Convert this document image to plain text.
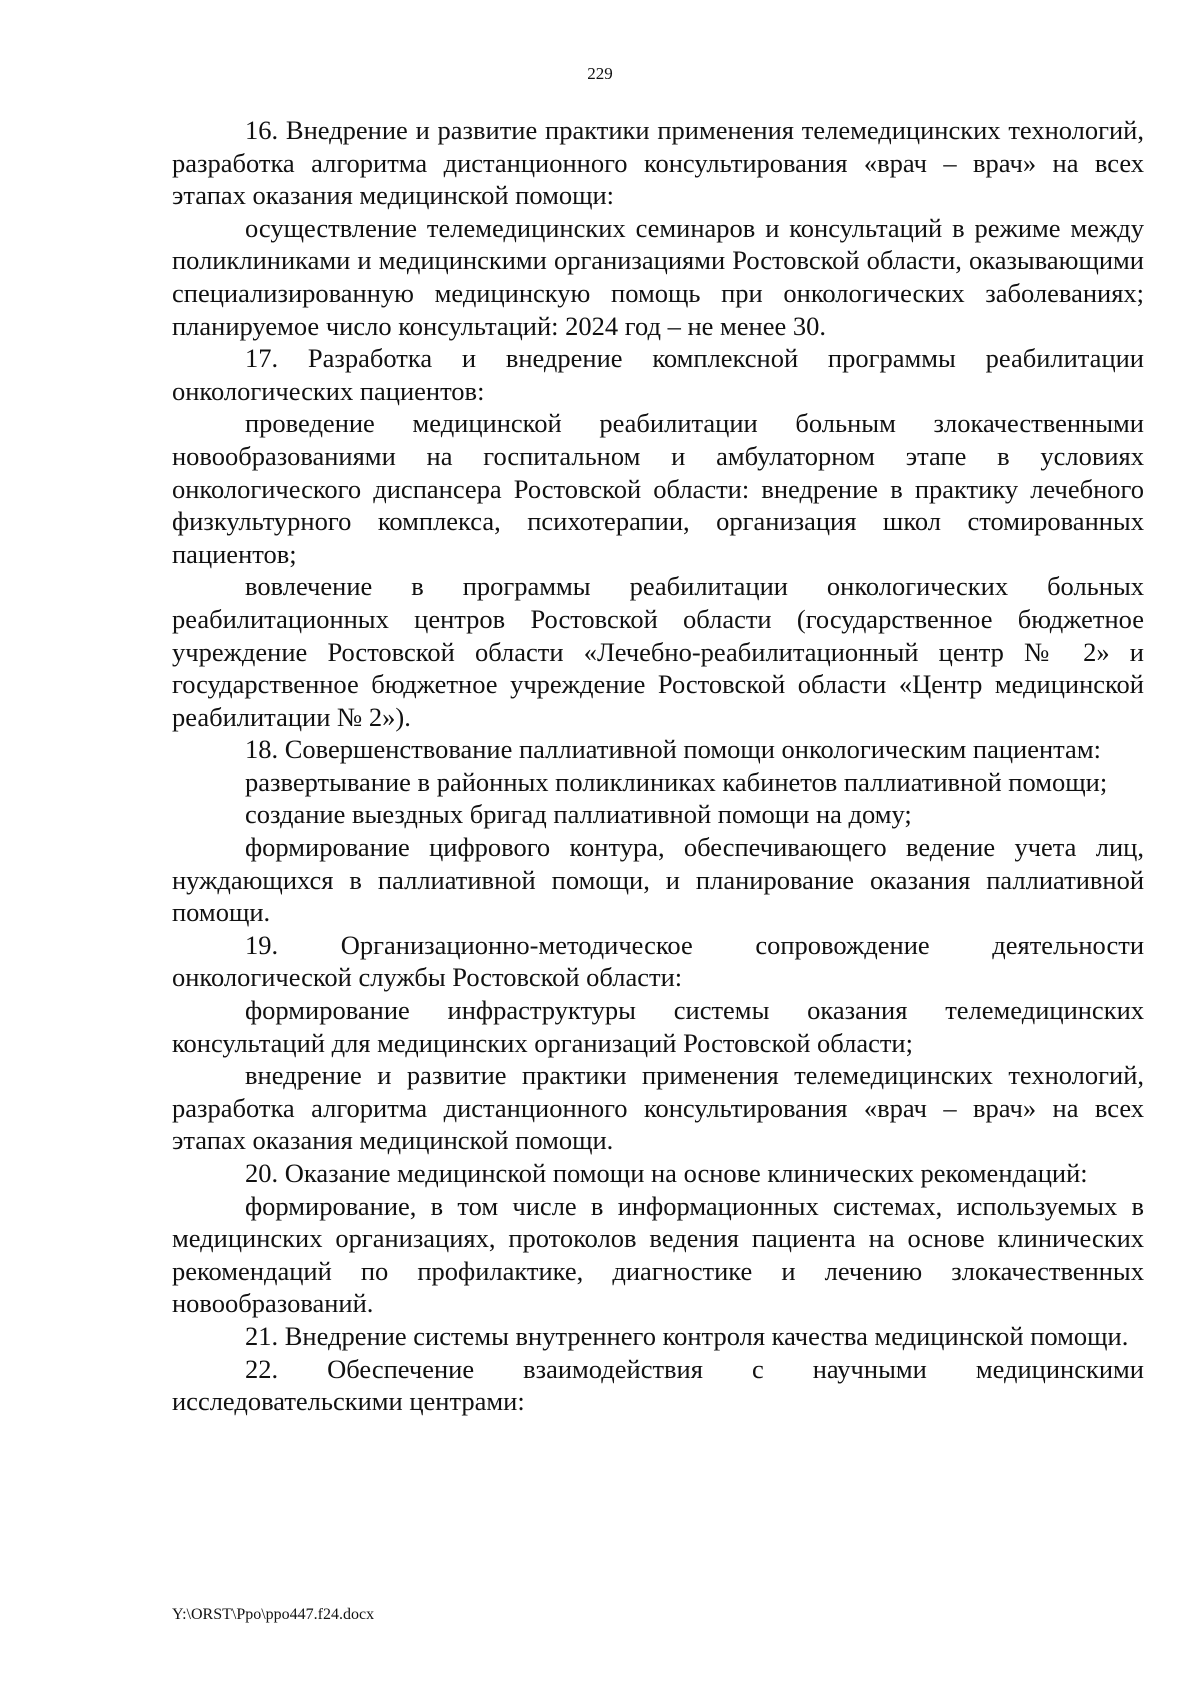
229

16. Внедрение и развитие практики применения телемедицинских технологий, разработка алгоритма дистанционного консультирования «врач – врач» на всех этапах оказания медицинской помощи:

осуществление телемедицинских семинаров и консультаций в режиме между поликлиниками и медицинскими организациями Ростовской области, оказывающими специализированную медицинскую помощь при онкологических заболеваниях; планируемое число консультаций: 2024 год – не менее 30.

17. Разработка и внедрение комплексной программы реабилитации онкологических пациентов:

проведение медицинской реабилитации больным злокачественными новообразованиями на госпитальном и амбулаторном этапе в условиях онкологического диспансера Ростовской области: внедрение в практику лечебного физкультурного комплекса, психотерапии, организация школ стомированных пациентов;

вовлечение в программы реабилитации онкологических больных реабилитационных центров Ростовской области (государственное бюджетное учреждение Ростовской области «Лечебно-реабилитационный центр № 2» и государственное бюджетное учреждение Ростовской области «Центр медицинской реабилитации № 2»).

18. Совершенствование паллиативной помощи онкологическим пациентам:

развертывание в районных поликлиниках кабинетов паллиативной помощи;

создание выездных бригад паллиативной помощи на дому;

формирование цифрового контура, обеспечивающего ведение учета лиц, нуждающихся в паллиативной помощи, и планирование оказания паллиативной помощи.

19. Организационно-методическое сопровождение деятельности онкологической службы Ростовской области:

формирование инфраструктуры системы оказания телемедицинских консультаций для медицинских организаций Ростовской области;

внедрение и развитие практики применения телемедицинских технологий, разработка алгоритма дистанционного консультирования «врач – врач» на всех этапах оказания медицинской помощи.

20. Оказание медицинской помощи на основе клинических рекомендаций:

формирование, в том числе в информационных системах, используемых в медицинских организациях, протоколов ведения пациента на основе клинических рекомендаций по профилактике, диагностике и лечению злокачественных новообразований.

21. Внедрение системы внутреннего контроля качества медицинской помощи.

22. Обеспечение взаимодействия с научными медицинскими исследовательскими центрами:

Y:\ORST\Ppo\ppo447.f24.docx
